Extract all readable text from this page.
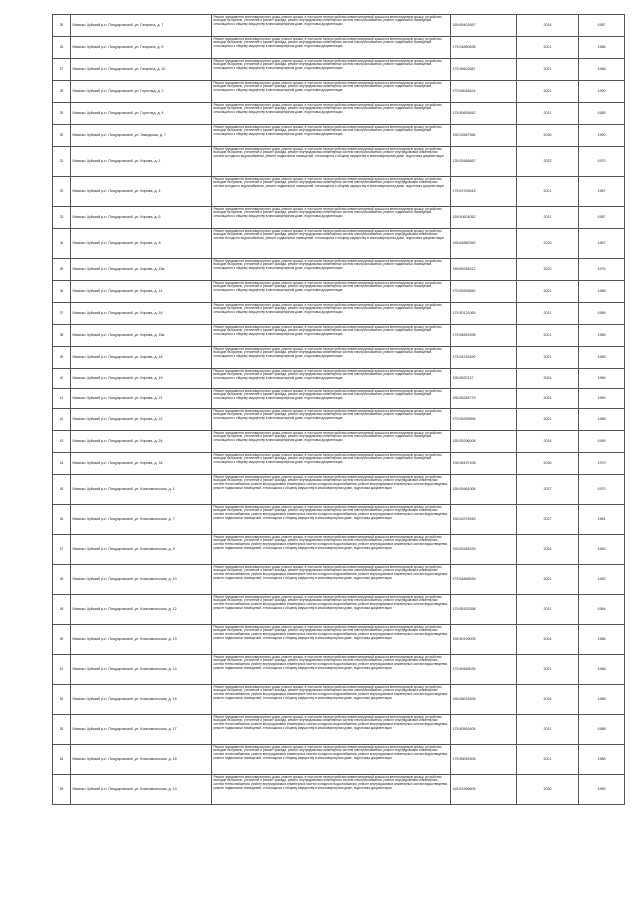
25	Мамско-Чуйский р-н, Пищукровский, ул. Гагарина, д. 7	Ремонт фундамента многоквартирного дома, ремонт крыши, в том числе переустройство невентилируемой крыши на вентилируемую крышу, устройство выходов на кровлю, утепление и ремонт фасада, ремонт внутридомовых инженерных систем электроснабжения, ремонт подвальных помещений, относящихся к общему имуществу в многоквартирном доме, подготовка документации	165:69402697	2024	1987
26	Мамско-Чуйский р-н, Пищукровский, ул. Гагарина, д. 9	Ремонт фундамента многоквартирного дома, ремонт крыши, в том числе переустройство невентилируемой крыши на вентилируемую крышу, устройство выходов на кровлю, утепление и ремонт фасада, ремонт внутридомовых инженерных систем электроснабжения, ремонт подвальных помещений, относящихся к общему имуществу в многоквартирном доме, подготовка документации	175:04880628	2021	1986
27	Мамско-Чуйский р-н, Пищукровский, ул. Гагарина, д. 10	Ремонт фундамента многоквартирного дома, ремонт крыши, в том числе переустройство невентилируемой крыши на вентилируемую крышу, устройство выходов на кровлю, утепление и ремонт фасада, ремонт внутридомовых инженерных систем электроснабжения, ремонт подвальных помещений, относящихся к общему имуществу в многоквартирном доме, подготовка документации	175:95601687	2021	1986
28	Мамско-Чуйский р-н, Пищукровский, ул. Горегляд, д. 2	Ремонт фундамента многоквартирного дома, ремонт крыши, в том числе переустройство невентилируемой крыши на вентилируемую крышу, устройство выходов на кровлю, утепление и ремонт фасада, ремонт внутридомовых инженерных систем электроснабжения, ремонт подвальных помещений, относящихся к общему имуществу в многоквартирном доме, подготовка документации	175:59064824	2021	1990
29	Мамско-Чуйский р-н, Пищукровский, ул. Горегляд, д. 4	Ремонт фундамента многоквартирного дома, ремонт крыши, в том числе переустройство невентилируемой крыши на вентилируемую крышу, устройство выходов на кровлю, утепление и ремонт фасада, ремонт внутридомовых инженерных систем электроснабжения, ремонт подвальных помещений, относящихся к общему имуществу в многоквартирном доме, подготовка документации	175:50693642	2021	1985
30	Мамско-Чуйский р-н, Пищукровский, ул. Заводская, д. 7	Ремонт фундамента многоквартирного дома, ремонт крыши, в том числе переустройство невентилируемой крыши на вентилируемую крышу, устройство выходов на кровлю, утепление и ремонт фасада, ремонт внутридомовых инженерных систем электроснабжения, ремонт подвальных помещений, относящихся к общему имуществу в многоквартирном доме, подготовка документации	155:32567966	2030	1990
31	Мамско-Чуйский р-н, Пищукровский, ул. Кирова, д. 1	Ремонт фундамента многоквартирного дома, ремонт крыши, в том числе переустройство невентилируемой крыши на вентилируемую крышу, устройство выходов на кровлю, утепление и ремонт фасада, ремонт внутридомовых инженерных систем электроснабжения, ремонт внутридомовых инженерных систем холодного водоснабжения, ремонт подвальных помещений, относящихся к общему имуществу в многоквартирном доме, подготовка документации	135:52684867	2022	1970
32	Мамско-Чуйский р-н, Пищукровский, ул. Кирова, д. 4	Ремонт фундамента многоквартирного дома, ремонт крыши, в том числе переустройство невентилируемой крыши на вентилируемую крышу, устройство выходов на кровлю, утепление и ремонт фасада, ремонт внутридомовых инженерных систем электроснабжения, ремонт внутридомовых инженерных систем холодного водоснабжения, ремонт подвальных помещений, относящихся к общему имуществу в многоквартирном доме, подготовка документации	175:57293043	2021	1987
33	Мамско-Чуйский р-н, Пищукровский, ул. Кирова, д. 6	Ремонт фундамента многоквартирного дома, ремонт крыши, в том числе переустройство невентилируемой крыши на вентилируемую крышу, устройство выходов на кровлю, утепление и ремонт фасада, ремонт внутридомовых инженерных систем электроснабжения, ремонт подвальных помещений, относящихся к общему имуществу в многоквартирном доме, подготовка документации	159:50624052	2021	1987
34	Мамско-Чуйский р-н, Пищукровский, ул. Кирова, д. 8	Ремонт фундамента многоквартирного дома, ремонт крыши, в том числе переустройство невентилируемой крыши на вентилируемую крышу, устройство выходов на кровлю, утепление и ремонт фасада, ремонт внутридомовых инженерных систем электроснабжения, ремонт внутридомовых инженерных систем холодного водоснабжения, ремонт подвальных помещений, относящихся к общему имуществу в многоквартирном доме, подготовка документации	155:64682390	2025	1987
35	Мамско-Чуйский р-н, Пищукровский, ул. Кирова, д. 15а	Ремонт фундамента многоквартирного дома, ремонт крыши, в том числе переустройство невентилируемой крыши на вентилируемую крышу, устройство выходов на кровлю, утепление и ремонт фасада, ремонт внутридомовых инженерных систем электроснабжения, ремонт подвальных помещений, относящихся к общему имуществу в многоквартирном доме, подготовка документации	189:69284912	2022	1976
36	Мамско-Чуйский р-н, Пищукровский, ул. Кирова, д. 14	Ремонт фундамента многоквартирного дома, ремонт крыши, в том числе переустройство невентилируемой крыши на вентилируемую крышу, устройство выходов на кровлю, утепление и ремонт фасада, ремонт внутридомовых инженерных систем электроснабжения, ремонт подвальных помещений, относящихся к общему имуществу в многоквартирном доме, подготовка документации	175:50935830	2021	1988
37	Мамско-Чуйский р-н, Пищукровский, ул. Кирова, д. 16	Ремонт фундамента многоквартирного дома, ремонт крыши, в том числе переустройство невентилируемой крыши на вентилируемую крышу, устройство выходов на кровлю, утепление и ремонт фасада, ремонт внутридомовых инженерных систем электроснабжения, ремонт подвальных помещений, относящихся к общему имуществу в многоквартирном доме, подготовка документации	175:50121065	2021	1989
38	Мамско-Чуйский р-н, Пищукровский, ул. Кирова, д. 15а	Ремонт фундамента многоквартирного дома, ремонт крыши, в том числе переустройство невентилируемой крыши на вентилируемую крышу, устройство выходов на кровлю, утепление и ремонт фасада, ремонт внутридомовых инженерных систем электроснабжения, ремонт подвальных помещений, относящихся к общему имуществу в многоквартирном доме, подготовка документации	175:54691595	2021	1985
39	Мамско-Чуйский р-н, Пищукровский, ул. Кирова, д. 18	Ремонт фундамента многоквартирного дома, ремонт крыши, в том числе переустройство невентилируемой крыши на вентилируемую крышу, устройство выходов на кровлю, утепление и ремонт фасада, ремонт внутридомовых инженерных систем электроснабжения, ремонт подвальных помещений, относящихся к общему имуществу в многоквартирном доме, подготовка документации	175:54763490	2021	1985
40	Мамско-Чуйский р-н, Пищукровский, ул. Кирова, д. 19	Ремонт фундамента многоквартирного дома, ремонт крыши, в том числе переустройство невентилируемой крыши на вентилируемую крышу, устройство выходов на кровлю, утепление и ремонт фасада, ремонт внутридомовых инженерных систем электроснабжения, ремонт подвальных помещений, относящихся к общему имуществу в многоквартирном доме, подготовка документации	155:5520747	2024	1965
41	Мамско-Чуйский р-н, Пищукровский, ул. Кирова, д. 21	Ремонт фундамента многоквартирного дома, ремонт крыши, в том числе переустройство невентилируемой крыши на вентилируемую крышу, устройство выходов на кровлю, утепление и ремонт фасада, ремонт внутридомовых инженерных систем электроснабжения, ремонт подвальных помещений, относящихся к общему имуществу в многоквартирном доме, подготовка документации	155:55283779	2024	1965
42	Мамско-Чуйский р-н, Пищукровский, ул. Кирова, д. 22	Ремонт фундамента многоквартирного дома, ремонт крыши, в том числе переустройство невентилируемой крыши на вентилируемую крышу, устройство выходов на кровлю, утепление и ремонт фасада, ремонт внутридомовых инженерных систем электроснабжения, ремонт подвальных помещений, относящихся к общему имуществу в многоквартирном доме, подготовка документации	175:55299895	2021	1988
43	Мамско-Чуйский р-н, Пищукровский, ул. Кирова, д. 24	Ремонт фундамента многоквартирного дома, ремонт крыши, в том числе переустройство невентилируемой крыши на вентилируемую крышу, устройство выходов на кровлю, утепление и ремонт фасада, ремонт внутридомовых инженерных систем электроснабжения, ремонт подвальных помещений, относящихся к общему имуществу в многоквартирном доме, подготовка документации	155:55296008	2024	1969
44	Мамско-Чуйский р-н, Пищукровский, ул. Кирова, д. 34	Ремонт фундамента многоквартирного дома, ремонт крыши, в том числе переустройство невентилируемой крыши на вентилируемую крышу, устройство выходов на кровлю, утепление и ремонт фасада, ремонт внутридомовых инженерных систем электроснабжения, ремонт подвальных помещений, относящихся к общему имуществу в многоквартирном доме, подготовка документации	196:36197108	2030	1970
45	Мамско-Чуйский р-н, Пищукровский, ул. Комсомольская, д. 1	Ремонт фундамента многоквартирного дома, ремонт крыши, в том числе переустройство невентилируемой крыши на вентилируемую крышу, устройство выходов на кровлю, утепление и ремонт фасада, ремонт внутридомовых инженерных систем электроснабжения, ремонт внутридомовых инженерных систем теплоснабжения, ремонт внутридомовых инженерных систем холодного водоснабжения, ремонт внутридомовых инженерных систем водоотведения, ремонт подвальных помещений, относящихся к общему имуществу в многоквартирном доме, подготовка документации	155:92661006	2027	1970
46	Мамско-Чуйский р-н, Пищукровский, ул. Комсомольская, д. 7	Ремонт фундамента многоквартирного дома, ремонт крыши, в том числе переустройство невентилируемой крыши на вентилируемую крышу, устройство выходов на кровлю, утепление и ремонт фасада, ремонт внутридомовых инженерных систем электроснабжения, ремонт внутридомовых инженерных систем теплоснабжения, ремонт внутридомовых инженерных систем холодного водоснабжения, ремонт внутридомовых инженерных систем водоотведения, ремонт подвальных помещений, относящихся к общему имуществу в многоквартирном доме, подготовка документации	155:52276945	2027	1981
47	Мамско-Чуйский р-н, Пищукровский, ул. Комсомольская, д. 9	Ремонт фундамента многоквартирного дома, ремонт крыши, в том числе переустройство невентилируемой крыши на вентилируемую крышу, устройство выходов на кровлю, утепление и ремонт фасада, ремонт внутридомовых инженерных систем электроснабжения, ремонт внутридомовых инженерных систем теплоснабжения, ремонт внутридомовых инженерных систем холодного водоснабжения, ремонт внутридомовых инженерных систем водоотведения, ремонт подвальных помещений, относящихся к общему имуществу в многоквартирном доме, подготовка документации	155:55184025	2024	1983
48	Мамско-Чуйский р-н, Пищукровский, ул. Комсомольская, д. 10	Ремонт фундамента многоквартирного дома, ремонт крыши, в том числе переустройство невентилируемой крыши на вентилируемую крышу, устройство выходов на кровлю, утепление и ремонт фасада, ремонт внутридомовых инженерных систем электроснабжения, ремонт внутридомовых инженерных систем теплоснабжения, ремонт внутридомовых инженерных систем холодного водоснабжения, ремонт внутридомовых инженерных систем водоотведения, ремонт подвальных помещений, относящихся к общему имуществу в многоквартирном доме, подготовка документации	175:54868539	2021	1982
49	Мамско-Чуйский р-н, Пищукровский, ул. Комсомольская, д. 12	Ремонт фундамента многоквартирного дома, ремонт крыши, в том числе переустройство невентилируемой крыши на вентилируемую крышу, устройство выходов на кровлю, утепление и ремонт фасада, ремонт внутридомовых инженерных систем электроснабжения, ремонт внутридомовых инженерных систем теплоснабжения, ремонт внутридомовых инженерных систем холодного водоснабжения, ремонт внутридомовых инженерных систем водоотведения, ремонт подвальных помещений, относящихся к общему имуществу в многоквартирном доме, подготовка документации	175:55153398	2021	1984
50	Мамско-Чуйский р-н, Пищукровский, ул. Комсомольская, д. 13	Ремонт фундамента многоквартирного дома, ремонт крыши, в том числе переустройство невентилируемой крыши на вентилируемую крышу, устройство выходов на кровлю, утепление и ремонт фасада, ремонт внутридомовых инженерных систем электроснабжения, ремонт внутридомовых инженерных систем теплоснабжения, ремонт внутридомовых инженерных систем холодного водоснабжения, ремонт внутридомовых инженерных систем водоотведения, ремонт подвальных помещений, относящихся к общему имуществу в многоквартирном доме, подготовка документации	155:50199005	2024	1986
51	Мамско-Чуйский р-н, Пищукровский, ул. Комсомольская, д. 14	Ремонт фундамента многоквартирного дома, ремонт крыши, в том числе переустройство невентилируемой крыши на вентилируемую крышу, устройство выходов на кровлю, утепление и ремонт фасада, ремонт внутридомовых инженерных систем электроснабжения, ремонт внутридомовых инженерных систем теплоснабжения, ремонт внутридомовых инженерных систем холодного водоснабжения, ремонт внутридомовых инженерных систем водоотведения, ремонт подвальных помещений, относящихся к общему имуществу в многоквартирном доме, подготовка документации	175:69488035	2021	1986
52	Мамско-Чуйский р-н, Пищукровский, ул. Комсомольская, д. 16	Ремонт фундамента многоквартирного дома, ремонт крыши, в том числе переустройство невентилируемой крыши на вентилируемую крышу, устройство выходов на кровлю, утепление и ремонт фасада, ремонт внутридомовых инженерных систем электроснабжения, ремонт внутридомовых инженерных систем теплоснабжения, ремонт внутридомовых инженерных систем холодного водоснабжения, ремонт внутридомовых инженерных систем водоотведения, ремонт подвальных помещений, относящихся к общему имуществу в многоквартирном доме, подготовка документации	155:65091826	2024	1988
53	Мамско-Чуйский р-н, Пищукровский, ул. Комсомольская, д. 17	Ремонт фундамента многоквартирного дома, ремонт крыши, в том числе переустройство невентилируемой крыши на вентилируемую крышу, устройство выходов на кровлю, утепление и ремонт фасада, ремонт внутридомовых инженерных систем электроснабжения, ремонт внутридомовых инженерных систем теплоснабжения, ремонт внутридомовых инженерных систем холодного водоснабжения, ремонт внутридомовых инженерных систем водоотведения, ремонт подвальных помещений, относящихся к общему имуществу в многоквартирном доме, подготовка документации	175:50561605	2021	1988
54	Мамско-Чуйский р-н, Пищукровский, ул. Комсомольская, д. 18	Ремонт фундамента многоквартирного дома, ремонт крыши, в том числе переустройство невентилируемой крыши на вентилируемую крышу, устройство выходов на кровлю, утепление и ремонт фасада, ремонт внутридомовых инженерных систем электроснабжения, ремонт внутридомовых инженерных систем теплоснабжения, ремонт внутридомовых инженерных систем холодного водоснабжения, ремонт внутридомовых инженерных систем водоотведения, ремонт подвальных помещений, относящихся к общему имуществу в многоквартирном доме, подготовка документации	175:55061506	2021	1988
55	Мамско-Чуйский р-н, Пищукровский, ул. Комсомольская, д. 19	Ремонт фундамента многоквартирного дома, ремонт крыши, в том числе переустройство невентилируемой крыши на вентилируемую крышу, устройство выходов на кровлю, утепление и ремонт фасада, ремонт внутридомовых инженерных систем электроснабжения, ремонт внутридомовых инженерных систем теплоснабжения, ремонт внутридомовых инженерных систем холодного водоснабжения, ремонт внутридомовых инженерных систем водоотведения, ремонт подвальных помещений, относящихся к общему имуществу в многоквартирном доме, подготовка документации	165:51996605	2030	1989
